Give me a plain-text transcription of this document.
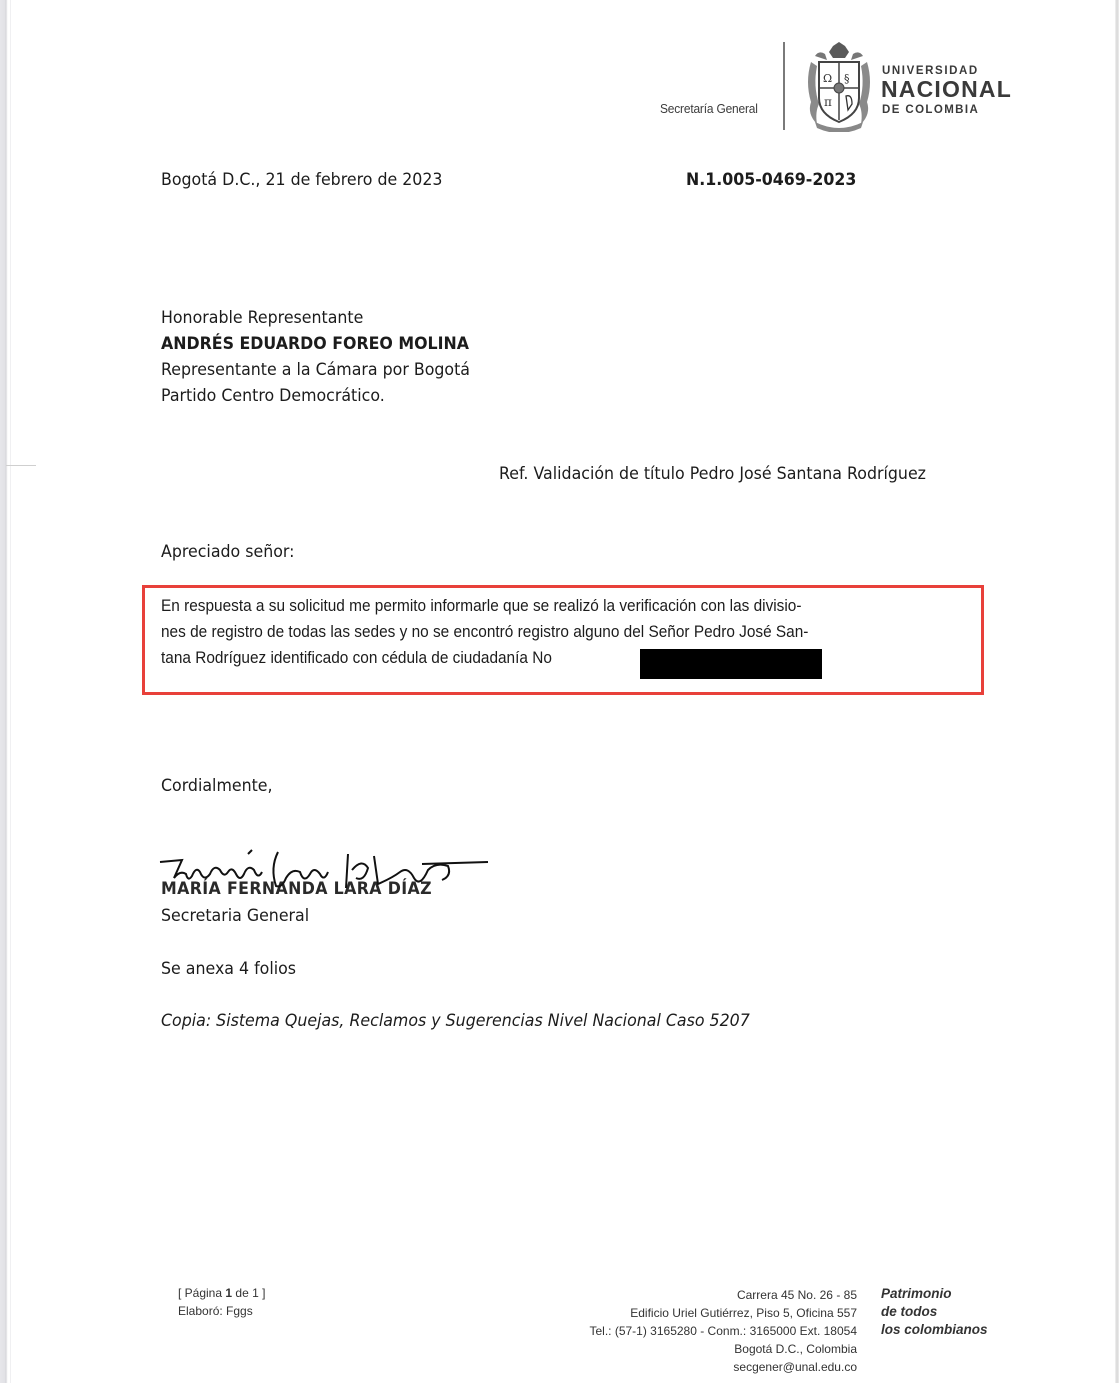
Secretaría General
Ω §
π
UNIVERSIDAD
NACIONAL
DE COLOMBIA
Bogotá D.C., 21 de febrero de 2023	N.1.005-0469-2023
Honorable Representante
ANDRÉS EDUARDO FOREO MOLINA
Representante a la Cámara por Bogotá
Partido Centro Democrático.
Ref. Validación de título Pedro José Santana Rodríguez
Apreciado señor:
En respuesta a su solicitud me permito informarle que se realizó la verificación con las divisio-
nes de registro de todas las sedes y no se encontró registro alguno del Señor Pedro José San-
tana Rodríguez identificado con cédula de ciudadanía No
Cordialmente,
MARÍA FERNANDA LARA DÍAZ
Secretaria General
Se anexa 4 folios
Copia: Sistema Quejas, Reclamos y Sugerencias Nivel Nacional Caso 5207
[ Página 1 de 1 ]
Elaboró: Fggs
Carrera 45 No. 26 - 85
Edificio Uriel Gutiérrez, Piso 5, Oficina 557
Tel.: (57-1) 3165280 - Conm.: 3165000 Ext. 18054
Bogotá D.C., Colombia
secgener@unal.edu.co
Patrimonio
de todos
los colombianos
